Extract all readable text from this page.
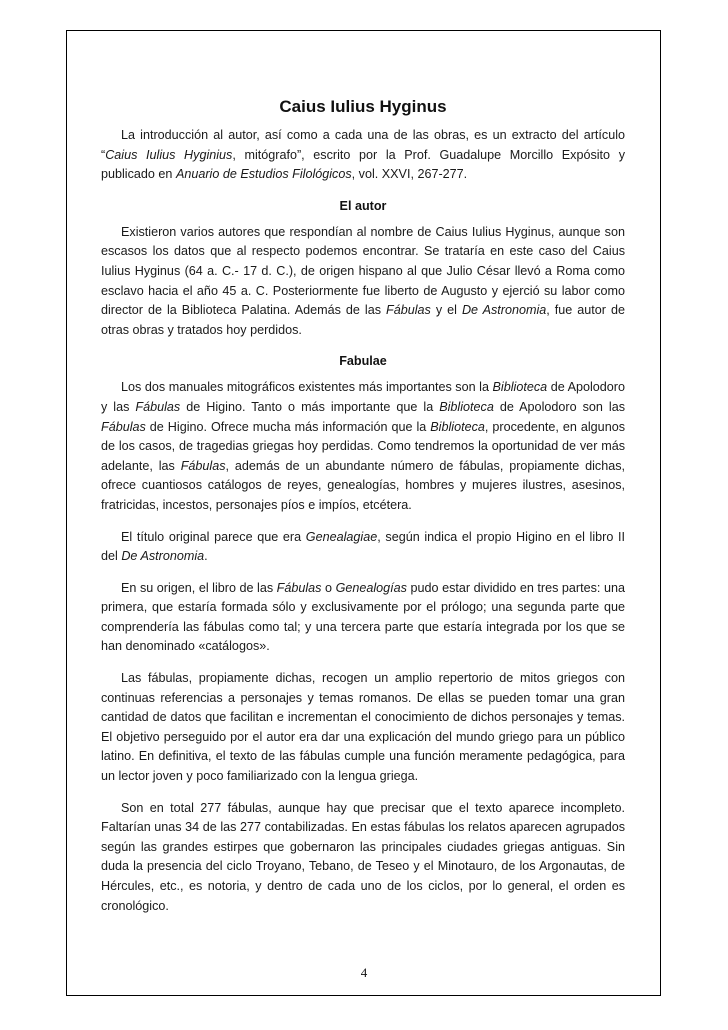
Caius Iulius Hyginus

La introducción al autor, así como a cada una de las obras, es un extracto del artículo “Caius Iulius Hyginius, mitógrafo”, escrito por la Prof. Guadalupe Morcillo Expósito y publicado en Anuario de Estudios Filológicos, vol. XXVI, 267-277.

El autor

Existieron varios autores que respondían al nombre de Caius Iulius Hyginus, aunque son escasos los datos que al respecto podemos encontrar. Se trataría en este caso del Caius Iulius Hyginus (64 a. C.- 17 d. C.), de origen hispano al que Julio César llevó a Roma como esclavo hacia el año 45 a. C. Posteriormente fue liberto de Augusto y ejerció su labor como director de la Biblioteca Palatina. Además de las Fábulas y el De Astronomia, fue autor de otras obras y tratados hoy perdidos.

Fabulae

Los dos manuales mitográficos existentes más importantes son la Biblioteca de Apolodoro y las Fábulas de Higino. Tanto o más importante que la Biblioteca de Apolodoro son las Fábulas de Higino. Ofrece mucha más información que la Biblioteca, procedente, en algunos de los casos, de tragedias griegas hoy perdidas. Como tendremos la oportunidad de ver más adelante, las Fábulas, además de un abundante número de fábulas, propiamente dichas, ofrece cuantiosos catálogos de reyes, genealogías, hombres y mujeres ilustres, asesinos, fratricidas, incestos, personajes píos e impíos, etcétera.

El título original parece que era Genealagiae, según indica el propio Higino en el libro II del De Astronomia.

En su origen, el libro de las Fábulas o Genealogías pudo estar dividido en tres partes: una primera, que estaría formada sólo y exclusivamente por el prólogo; una segunda parte que comprendería las fábulas como tal; y una tercera parte que estaría integrada por los que se han denominado «catálogos».

Las fábulas, propiamente dichas, recogen un amplio repertorio de mitos griegos con continuas referencias a personajes y temas romanos. De ellas se pueden tomar una gran cantidad de datos que facilitan e incrementan el conocimiento de dichos personajes y temas. El objetivo perseguido por el autor era dar una explicación del mundo griego para un público latino. En definitiva, el texto de las fábulas cumple una función meramente pedagógica, para un lector joven y poco familiarizado con la lengua griega.

Son en total 277 fábulas, aunque hay que precisar que el texto aparece incompleto. Faltarían unas 34 de las 277 contabilizadas. En estas fábulas los relatos aparecen agrupados según las grandes estirpes que gobernaron las principales ciudades griegas antiguas. Sin duda la presencia del ciclo Troyano, Tebano, de Teseo y el Minotauro, de los Argonautas, de Hércules, etc., es notoria, y dentro de cada uno de los ciclos, por lo general, el orden es cronológico.

4
